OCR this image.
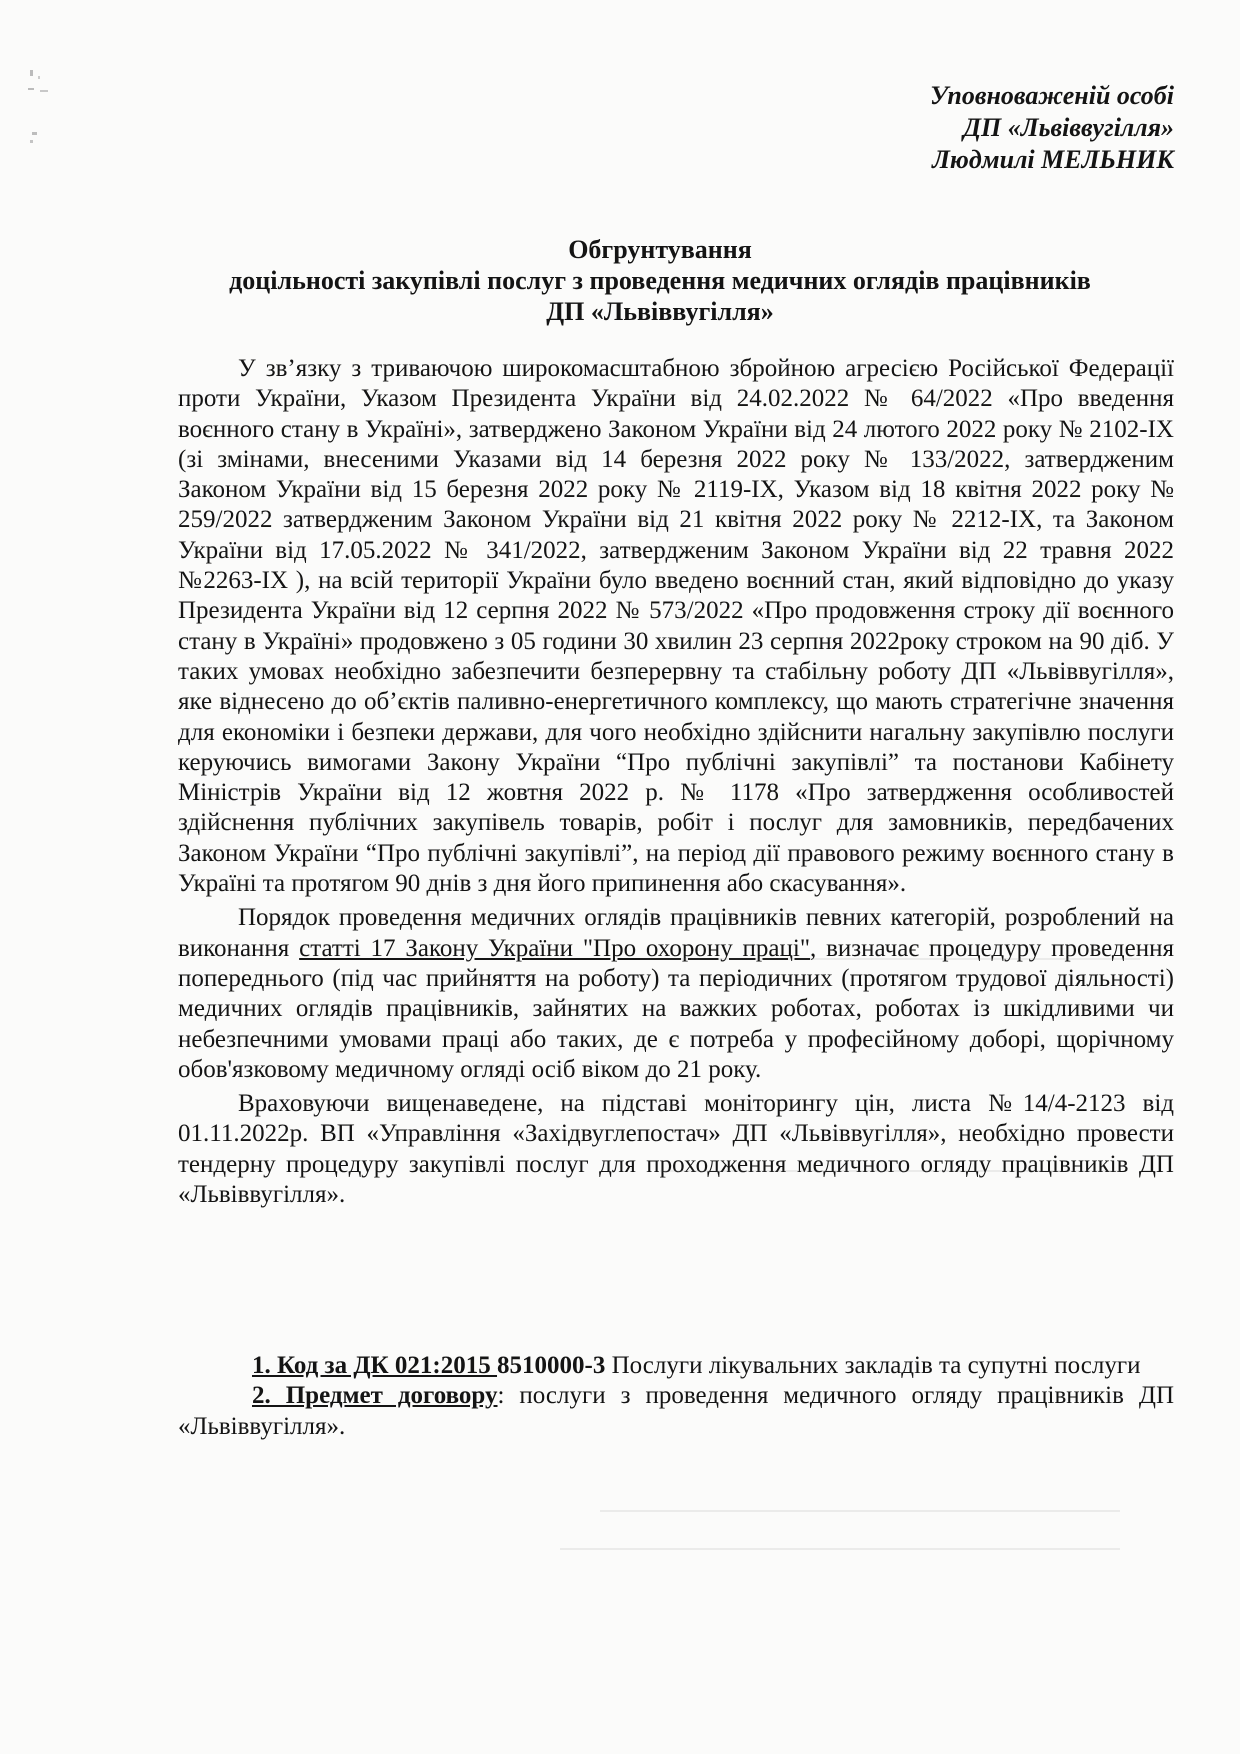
Уповноваженій особі
ДП «Львіввугілля»
Людмилі МЕЛЬНИК
Обгрунтування
доцільності закупівлі послуг з проведення медичних оглядів працівників
ДП «Львіввугілля»

У зв’язку з триваючою широкомасштабною збройною агресією Російської Федерації проти України, Указом Президента України від 24.02.2022 № 64/2022 «Про введення воєнного стану в Україні», затверджено Законом України від 24 лютого 2022 року № 2102-IX (зі змінами, внесеними Указами від 14 березня 2022 року № 133/2022, затвердженим Законом України від 15 березня 2022 року № 2119-IX, Указом від 18 квітня 2022 року № 259/2022 затвердженим Законом України від 21 квітня 2022 року № 2212-IX, та Законом України від 17.05.2022 № 341/2022, затвердженим Законом України від 22 травня 2022 №2263-IX ), на всій території України було введено воєнний стан, який відповідно до указу Президента України від 12 серпня 2022 № 573/2022 «Про продовження строку дії воєнного стану в Україні» продовжено з 05 години 30 хвилин 23 серпня 2022року строком на 90 діб. У таких умовах необхідно забезпечити безперервну та стабільну роботу ДП «Львіввугілля», яке віднесено до об’єктів паливно-енергетичного комплексу, що мають стратегічне значення для економіки і безпеки держави, для чого необхідно здійснити нагальну закупівлю послуги керуючись вимогами Закону України “Про публічні закупівлі” та постанови Кабінету Міністрів України від 12 жовтня 2022 р. № 1178 «Про затвердження особливостей здійснення публічних закупівель товарів, робіт і послуг для замовників, передбачених Законом України “Про публічні закупівлі”, на період дії правового режиму воєнного стану в Україні та протягом 90 днів з дня його припинення або скасування».

Порядок проведення медичних оглядів працівників певних категорій, розроблений на виконання статті 17 Закону України "Про охорону праці", визначає процедуру проведення попереднього (під час прийняття на роботу) та періодичних (протягом трудової діяльності) медичних оглядів працівників, зайнятих на важких роботах, роботах із шкідливими чи небезпечними умовами праці або таких, де є потреба у професійному доборі, щорічному обов'язковому медичному огляді осіб віком до 21 року.

Враховуючи вищенаведене, на підставі моніторингу цін, листа №14/4-2123 від 01.11.2022р. ВП «Управління «Західвуглепостач» ДП «Львіввугілля», необхідно провести тендерну процедуру закупівлі послуг для проходження медичного огляду працівників ДП «Львіввугілля».

1. Код за ДК 021:2015 8510000-3 Послуги лікувальних закладів та супутні послуги

2. Предмет договору: послуги з проведення медичного огляду працівників ДП «Львіввугілля».
